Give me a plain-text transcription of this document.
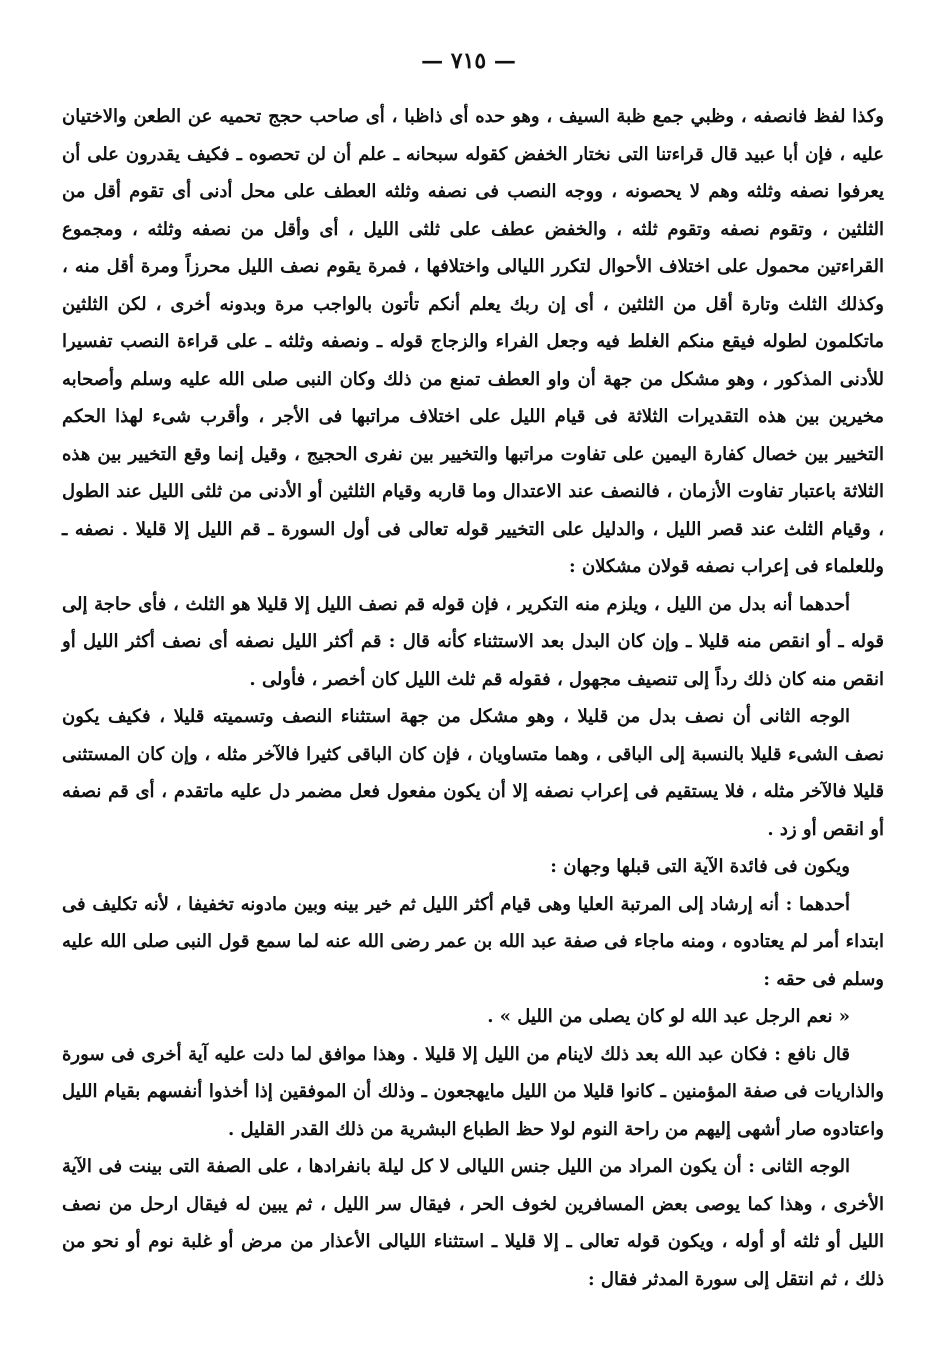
— ٧١٥ —

وكذا لفظ فانصفه ، وظبي جمع ظبة السيف ، وهو حده أى ذاظبا ، أى صاحب حجج تحميه عن الطعن والاختيان عليه ، فإن أبا عبيد قال قراءتنا التى نختار الخفض كقوله سبحانه ـ علم أن لن تحصوه ـ فكيف يقدرون على أن يعرفوا نصفه وثلثه وهم لا يحصونه ، ووجه النصب فى نصفه وثلثه العطف على محل أدنى أى تقوم أقل من الثلثين ، وتقوم نصفه وتقوم ثلثه ، والخفض عطف على ثلثى الليل ، أى وأقل من نصفه وثلثه ، ومجموع القراءتين محمول على اختلاف الأحوال لتكرر الليالى واختلافها ، فمرة يقوم نصف الليل محرزاً ومرة أقل منه ، وكذلك الثلث وتارة أقل من الثلثين ، أى إن ربك يعلم أنكم تأتون بالواجب مرة وبدونه أخرى ، لكن الثلثين ماتكلمون لطوله فيقع منكم الغلط فيه وجعل الفراء والزجاج قوله ـ ونصفه وثلثه ـ على قراءة النصب تفسيرا للأدنى المذكور ، وهو مشكل من جهة أن واو العطف تمنع من ذلك وكان النبى صلى الله عليه وسلم وأصحابه مخيرين بين هذه التقديرات الثلاثة فى قيام الليل على اختلاف مراتبها فى الأجر ، وأقرب شىء لهذا الحكم التخيير بين خصال كفارة اليمين على تفاوت مراتبها والتخيير بين نفرى الحجيج ، وقيل إنما وقع التخيير بين هذه الثلاثة باعتبار تفاوت الأزمان ، فالنصف عند الاعتدال وما قاربه وقيام الثلثين أو الأدنى من ثلثى الليل عند الطول ، وقيام الثلث عند قصر الليل ، والدليل على التخيير قوله تعالى فى أول السورة ـ قم الليل إلا قليلا . نصفه ـ وللعلماء فى إعراب نصفه قولان مشكلان :

أحدهما أنه بدل من الليل ، ويلزم منه التكرير ، فإن قوله قم نصف الليل إلا قليلا هو الثلث ، فأى حاجة إلى قوله ـ أو انقص منه قليلا ـ وإن كان البدل بعد الاستثناء كأنه قال : قم أكثر الليل نصفه أى نصف أكثر الليل أو انقص منه كان ذلك رداً إلى تنصيف مجهول ، فقوله قم ثلث الليل كان أخصر ، فأولى .

الوجه الثانى أن نصف بدل من قليلا ، وهو مشكل من جهة استثناء النصف وتسميته قليلا ، فكيف يكون نصف الشىء قليلا بالنسبة إلى الباقى ، وهما متساويان ، فإن كان الباقى كثيرا فالآخر مثله ، وإن كان المستثنى قليلا فالآخر مثله ، فلا يستقيم فى إعراب نصفه إلا أن يكون مفعول فعل مضمر دل عليه ماتقدم ، أى قم نصفه أو انقص أو زد .

ويكون فى فائدة الآية التى قبلها وجهان :

أحدهما : أنه إرشاد إلى المرتبة العليا وهى قيام أكثر الليل ثم خير بينه وبين مادونه تخفيفا ، لأنه تكليف فى ابتداء أمر لم يعتادوه ، ومنه ماجاء فى صفة عبد الله بن عمر رضى الله عنه لما سمع قول النبى صلى الله عليه وسلم فى حقه :

« نعم الرجل عبد الله لو كان يصلى من الليل » .

قال نافع : فكان عبد الله بعد ذلك لاينام من الليل إلا قليلا . وهذا موافق لما دلت عليه آية أخرى فى سورة والذاريات فى صفة المؤمنين ـ كانوا قليلا من الليل مايهجعون ـ وذلك أن الموفقين إذا أخذوا أنفسهم بقيام الليل واعتادوه صار أشهى إليهم من راحة النوم لولا حظ الطباع البشرية من ذلك القدر القليل .

الوجه الثانى : أن يكون المراد من الليل جنس الليالى لا كل ليلة بانفرادها ، على الصفة التى بينت فى الآية الأخرى ، وهذا كما يوصى بعض المسافرين لخوف الحر ، فيقال سر الليل ، ثم يبين له فيقال ارحل من نصف الليل أو ثلثه أو أوله ، ويكون قوله تعالى ـ إلا قليلا ـ استثناء الليالى الأعذار من مرض أو غلبة نوم أو نحو من ذلك ، ثم انتقل إلى سورة المدثر فقال :
